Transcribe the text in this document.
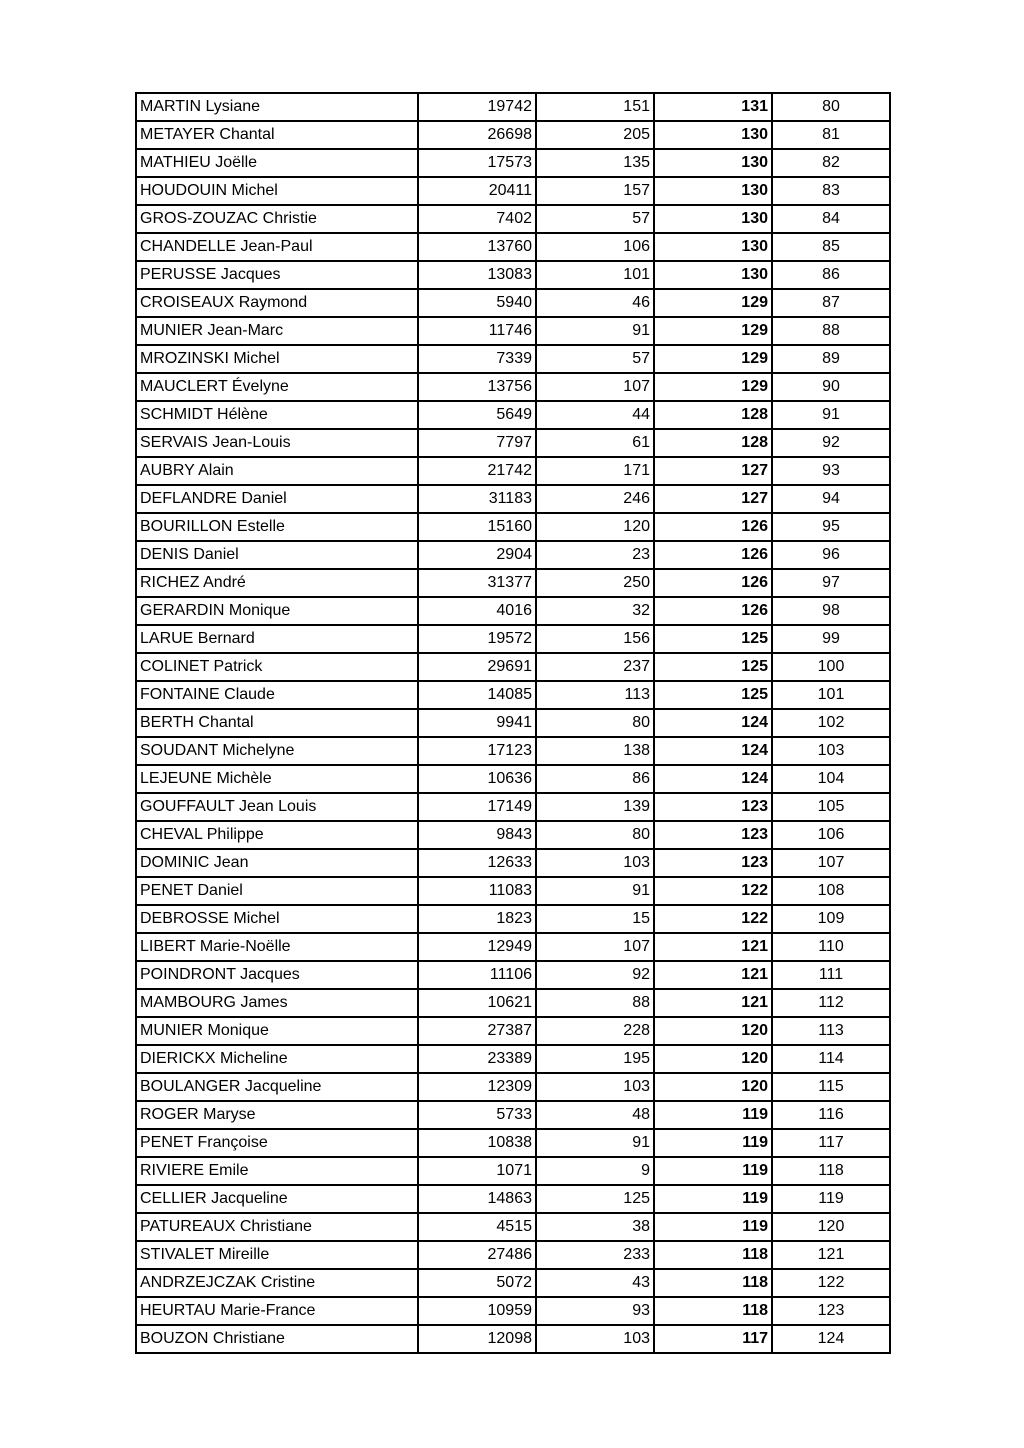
MARTIN Lysiane	19742	151	131	80
METAYER Chantal	26698	205	130	81
MATHIEU Joëlle	17573	135	130	82
HOUDOUIN Michel	20411	157	130	83
GROS-ZOUZAC Christie	7402	57	130	84
CHANDELLE Jean-Paul	13760	106	130	85
PERUSSE Jacques	13083	101	130	86
CROISEAUX Raymond	5940	46	129	87
MUNIER Jean-Marc	11746	91	129	88
MROZINSKI Michel	7339	57	129	89
MAUCLERT Évelyne	13756	107	129	90
SCHMIDT Hélène	5649	44	128	91
SERVAIS Jean-Louis	7797	61	128	92
AUBRY Alain	21742	171	127	93
DEFLANDRE Daniel	31183	246	127	94
BOURILLON Estelle	15160	120	126	95
DENIS Daniel	2904	23	126	96
RICHEZ André	31377	250	126	97
GERARDIN Monique	4016	32	126	98
LARUE Bernard	19572	156	125	99
COLINET Patrick	29691	237	125	100
FONTAINE Claude	14085	113	125	101
BERTH Chantal	9941	80	124	102
SOUDANT Michelyne	17123	138	124	103
LEJEUNE Michèle	10636	86	124	104
GOUFFAULT Jean Louis	17149	139	123	105
CHEVAL Philippe	9843	80	123	106
DOMINIC Jean	12633	103	123	107
PENET Daniel	11083	91	122	108
DEBROSSE Michel	1823	15	122	109
LIBERT Marie-Noëlle	12949	107	121	110
POINDRONT Jacques	11106	92	121	111
MAMBOURG James	10621	88	121	112
MUNIER Monique	27387	228	120	113
DIERICKX Micheline	23389	195	120	114
BOULANGER Jacqueline	12309	103	120	115
ROGER Maryse	5733	48	119	116
PENET Françoise	10838	91	119	117
RIVIERE Emile	1071	9	119	118
CELLIER Jacqueline	14863	125	119	119
PATUREAUX Christiane	4515	38	119	120
STIVALET Mireille	27486	233	118	121
ANDRZEJCZAK Cristine	5072	43	118	122
HEURTAU Marie-France	10959	93	118	123
BOUZON Christiane	12098	103	117	124
